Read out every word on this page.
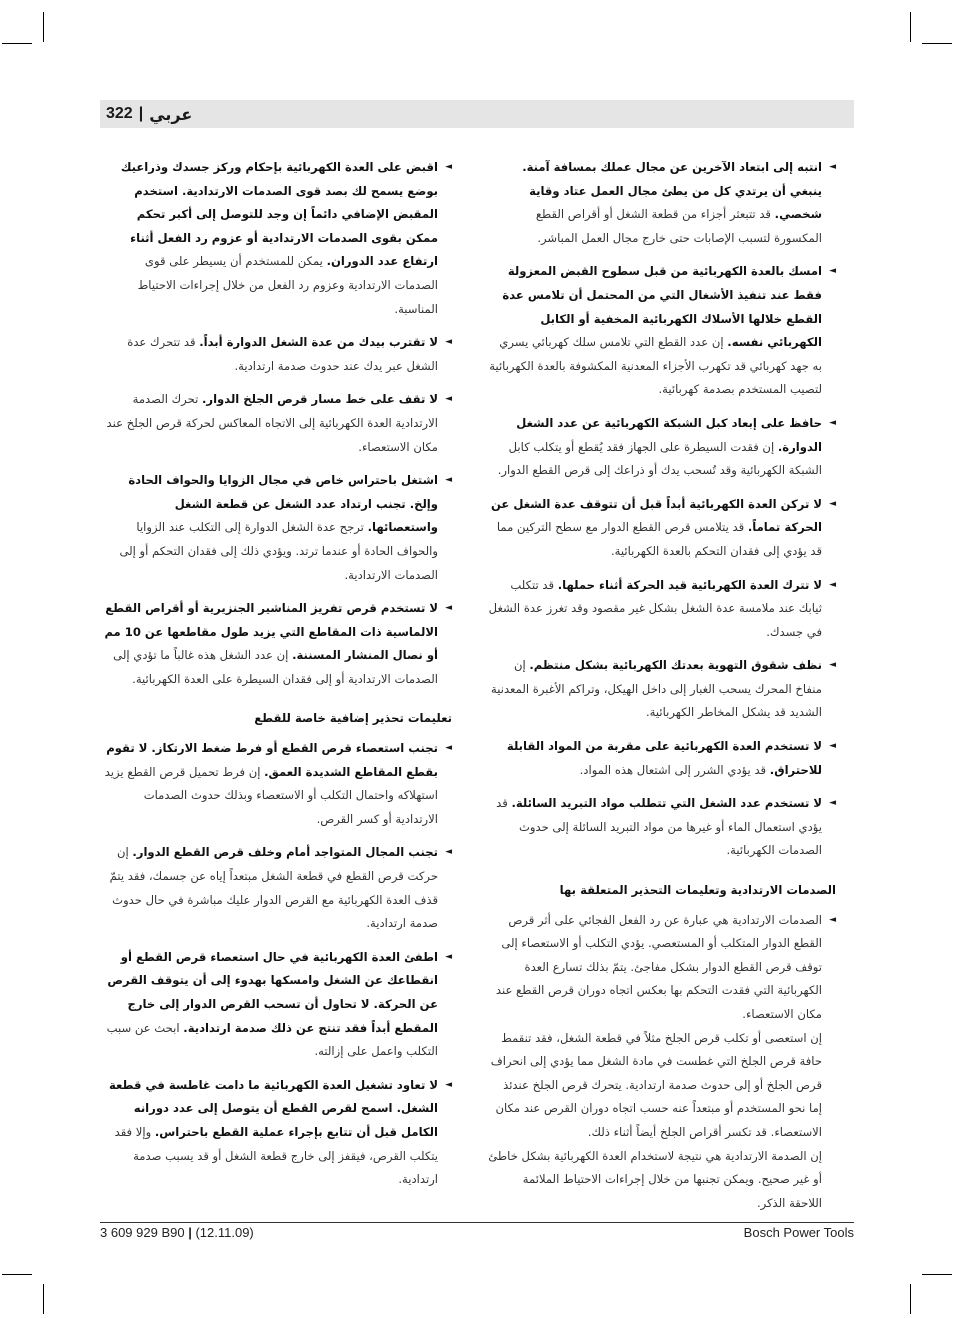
322 | عربي
◄
انتبه إلى ابتعاد الآخرين عن مجال عملك بمسافة آمنة. ينبغي أن يرتدي كل من يطئ مجال العمل عتاد وقاية شخصي. قد تتبعثر أجزاء من قطعة الشغل أو أقراص القطع المكسورة لتسبب الإصابات حتى خارج مجال العمل المباشر.
◄
امسك بالعدة الكهربائية من قبل سطوح القبض المعزولة فقط عند تنفيذ الأشغال التي من المحتمل أن تلامس عدة القطع خلالها الأسلاك الكهربائية المخفية أو الكابل الكهربائي نفسه. إن عدد القطع التي تلامس سلك كهربائي يسري به جهد كهربائي قد تكهرب الأجزاء المعدنية المكشوفة بالعدة الكهربائية لتصيب المستخدم بصدمة كهربائية.
◄
حافظ على إبعاد كبل الشبكة الكهربائية عن عدد الشغل الدوارة. إن فقدت السيطرة على الجهاز فقد يُقطع أو يتكلب كابل الشبكة الكهربائية وقد تُسحب يدك أو ذراعك إلى قرص القطع الدوار.
◄
لا تركن العدة الكهربائية أبداً قبل أن تتوقف عدة الشغل عن الحركة تماماً. قد يتلامس قرص القطع الدوار مع سطح التركين مما قد يؤدي إلى فقدان التحكم بالعدة الكهربائية.
◄
لا تترك العدة الكهربائية قيد الحركة أثناء حملها. قد تتكلب ثيابك عند ملامسة عدة الشغل بشكل غير مقصود وقد تغرز عدة الشغل في جسدك.
◄
نظف شقوق التهوية بعدتك الكهربائية بشكل منتظم. إن منفاخ المحرك يسحب الغبار إلى داخل الهيكل، وتراكم الأغبرة المعدنية الشديد قد يشكل المخاطر الكهربائية.
◄
لا تستخدم العدة الكهربائية على مقربة من المواد القابلة للاحتراق. قد يؤدي الشرر إلى اشتعال هذه المواد.
◄
لا تستخدم عدد الشغل التي تتطلب مواد التبريد السائلة. قد يؤدي استعمال الماء أو غيرها من مواد التبريد السائلة إلى حدوث الصدمات الكهربائية.
الصدمات الارتدادية وتعليمات التحذير المتعلقة بها
◄
الصدمات الارتدادية هي عبارة عن رد الفعل الفجائي على أثر قرص القطع الدوار المتكلب أو المستعصي. يؤدي التكلب أو الاستعصاء إلى توقف قرص القطع الدوار بشكل مفاجئ. يتمّ بذلك تسارع العدة الكهربائية التي فقدت التحكم بها بعكس اتجاه دوران قرص القطع عند مكان الاستعصاء.
إن استعصى أو تكلب قرص الجلخ مثلاً في قطعة الشغل، فقد تنقمط حافة قرص الجلخ التي غطست في مادة الشغل مما يؤدي إلى انحراف قرص الجلخ أو إلى حدوث صدمة ارتدادية. يتحرك قرص الجلخ عندئذ إما نحو المستخدم أو مبتعداً عنه حسب اتجاه دوران القرص عند مكان الاستعصاء. قد تكسر أقراص الجلخ أيضاً أثناء ذلك.
إن الصدمة الارتدادية هي نتيجة لاستخدام العدة الكهربائية بشكل خاطئ أو غير صحيح. ويمكن تجنبها من خلال إجراءات الاحتياط الملائمة اللاحقة الذكر.
◄
اقبض على العدة الكهربائية بإحكام وركز جسدك وذراعيك بوضع يسمح لك بصد قوى الصدمات الارتدادية. استخدم المقبض الإضافي دائماً إن وجد للتوصل إلى أكبر تحكم ممكن بقوى الصدمات الارتدادية أو عزوم رد الفعل أثناء ارتفاع عدد الدوران. يمكن للمستخدم أن يسيطر على قوى الصدمات الارتدادية وعزوم رد الفعل من خلال إجراءات الاحتياط المناسبة.
◄
لا تقترب بيدك من عدة الشغل الدوارة أبداً. قد تتحرك عدة الشغل عبر يدك عند حدوث صدمة ارتدادية.
◄
لا تقف على خط مسار قرص الجلخ الدوار. تحرك الصدمة الارتدادية العدة الكهربائية إلى الاتجاه المعاكس لحركة قرص الجلخ عند مكان الاستعصاء.
◄
اشتغل باحتراس خاص في مجال الزوايا والحواف الحادة وإلخ. تجنب ارتداد عدد الشغل عن قطعة الشغل واستعصائها. ترجح عدة الشغل الدوارة إلى التكلب عند الزوايا والحواف الحادة أو عندما ترتد. ويؤدي ذلك إلى فقدان التحكم أو إلى الصدمات الارتدادية.
◄
لا تستخدم قرص تفريز المناشير الجنزيرية أو أقراص القطع الالماسية ذات المقاطع التي يزيد طول مقاطعها عن 10 مم أو نصال المنشار المسننة. إن عدد الشغل هذه غالباً ما تؤدي إلى الصدمات الارتدادية أو إلى فقدان السيطرة على العدة الكهربائية.
تعليمات تحذير إضافية خاصة للقطع
◄
تجنب استعصاء قرص القطع أو فرط ضغط الارتكاز. لا تقوم بقطع المقاطع الشديدة العمق. إن فرط تحميل قرص القطع يزيد استهلاكه واحتمال التكلب أو الاستعصاء وبذلك حدوث الصدمات الارتدادية أو كسر القرص.
◄
تجنب المجال المتواجد أمام وخلف قرص القطع الدوار. إن حركت قرص القطع في قطعة الشغل مبتعداً إياه عن جسمك، فقد يتمّ قذف العدة الكهربائية مع القرص الدوار عليك مباشرة في حال حدوث صدمة ارتدادية.
◄
اطفئ العدة الكهربائية في حال استعصاء قرص القطع أو انقطاعك عن الشغل وامسكها بهدوء إلى أن يتوقف القرص عن الحركة. لا تحاول أن تسحب القرص الدوار إلى خارج المقطع أبداً فقد تنتج عن ذلك صدمة ارتدادية. ابحث عن سبب التكلب واعمل على إزالته.
◄
لا تعاود تشغيل العدة الكهربائية ما دامت غاطسة في قطعة الشغل. اسمح لقرص القطع أن يتوصل إلى عدد دورانه الكامل قبل أن تتابع بإجراء عملية القطع باحتراس. وإلا فقد يتكلب القرص، فيقفز إلى خارج قطعة الشغل أو قد يسبب صدمة ارتدادية.
3 609 929 B90 | (12.11.09)	Bosch Power Tools
